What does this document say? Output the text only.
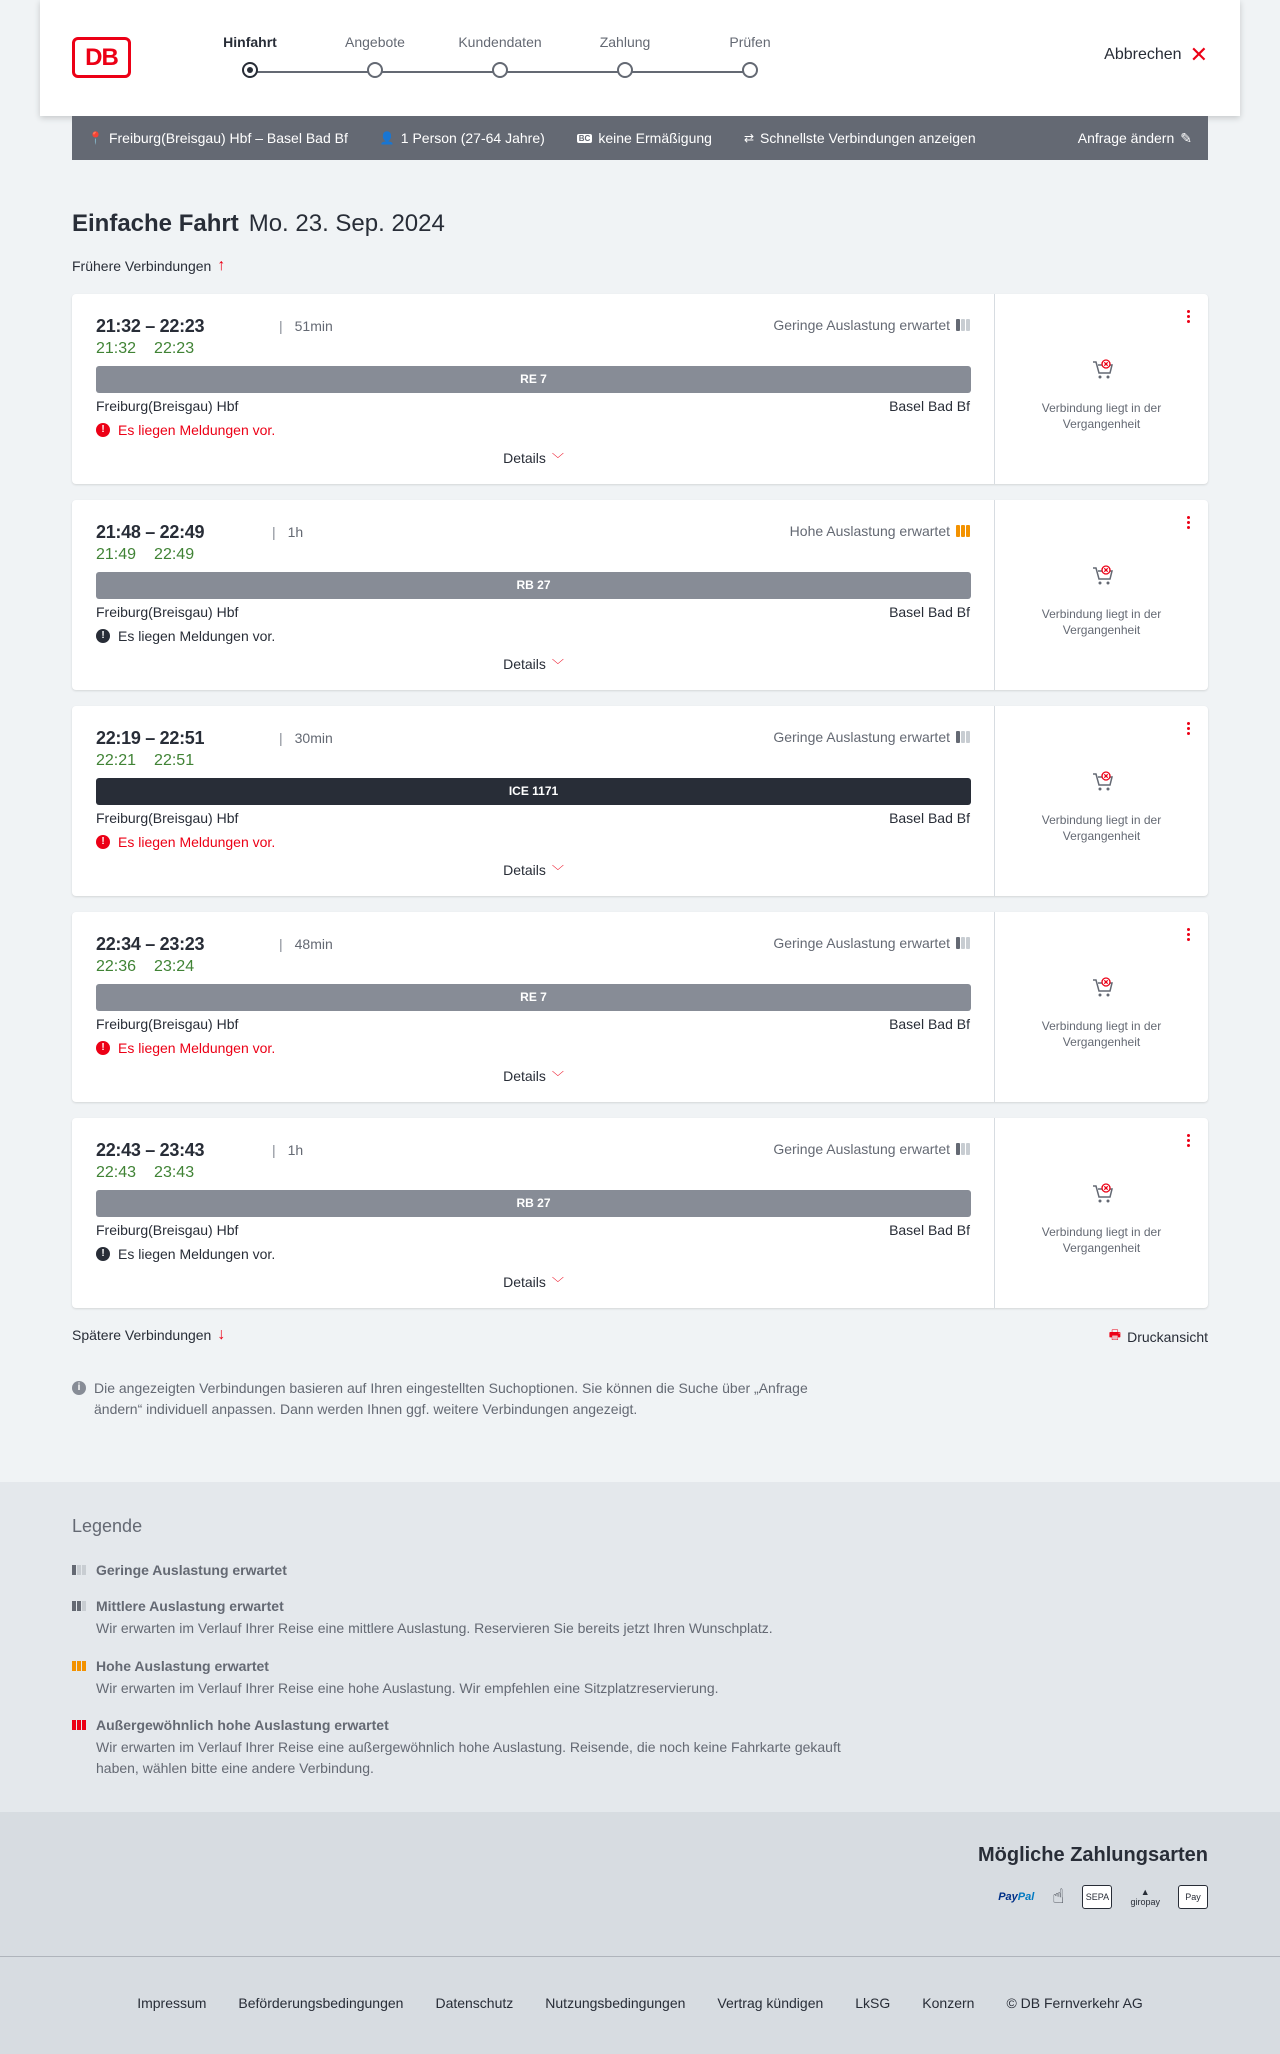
DB
Hinfahrt	Angebote	Kundendaten	Zahlung	Prüfen
Abbrechen ✕
📍 Freiburg(Breisgau) Hbf – Basel Bad Bf	👤 1 Person (27-64 Jahre)	BC keine Ermäßigung	⇄ Schnellste Verbindungen anzeigen	Anfrage ändern ✎
Einfache Fahrt Mo. 23. Sep. 2024
Frühere Verbindungen ↑
21:32 – 22:23	| 51min
21:32 22:23
Geringe Auslastung erwartet
RE 7
Freiburg(Breisgau) Hbf	Basel Bad Bf
! Es liegen Meldungen vor.
Details ﹀
Verbindung liegt in der Vergangenheit
21:48 – 22:49	| 1h
21:49 22:49
Hohe Auslastung erwartet
RB 27
Freiburg(Breisgau) Hbf	Basel Bad Bf
! Es liegen Meldungen vor.
Details ﹀
Verbindung liegt in der Vergangenheit
22:19 – 22:51	| 30min
22:21 22:51
Geringe Auslastung erwartet
ICE 1171
Freiburg(Breisgau) Hbf	Basel Bad Bf
! Es liegen Meldungen vor.
Details ﹀
Verbindung liegt in der Vergangenheit
22:34 – 23:23	| 48min
22:36 23:24
Geringe Auslastung erwartet
RE 7
Freiburg(Breisgau) Hbf	Basel Bad Bf
! Es liegen Meldungen vor.
Details ﹀
Verbindung liegt in der Vergangenheit
22:43 – 23:43	| 1h
22:43 23:43
Geringe Auslastung erwartet
RB 27
Freiburg(Breisgau) Hbf	Basel Bad Bf
! Es liegen Meldungen vor.
Details ﹀
Verbindung liegt in der Vergangenheit
Spätere Verbindungen ↓	🖶 Druckansicht
i Die angezeigten Verbindungen basieren auf Ihren eingestellten Suchoptionen. Sie können die Suche über „Anfrage ändern“ individuell anpassen. Dann werden Ihnen ggf. weitere Verbindungen angezeigt.
Legende
Geringe Auslastung erwartet
Mittlere Auslastung erwartet
Wir erwarten im Verlauf Ihrer Reise eine mittlere Auslastung. Reservieren Sie bereits jetzt Ihren Wunschplatz.
Hohe Auslastung erwartet
Wir erwarten im Verlauf Ihrer Reise eine hohe Auslastung. Wir empfehlen eine Sitzplatzreservierung.
Außergewöhnlich hohe Auslastung erwartet
Wir erwarten im Verlauf Ihrer Reise eine außergewöhnlich hohe Auslastung. Reisende, die noch keine Fahrkarte gekauft haben, wählen bitte eine andere Verbindung.
Mögliche Zahlungsarten
PayPal ☝	SEPA	▲
giropay	Pay
Impressum Beförderungsbedingungen Datenschutz Nutzungsbedingungen Vertrag kündigen LkSG Konzern © DB Fernverkehr AG
